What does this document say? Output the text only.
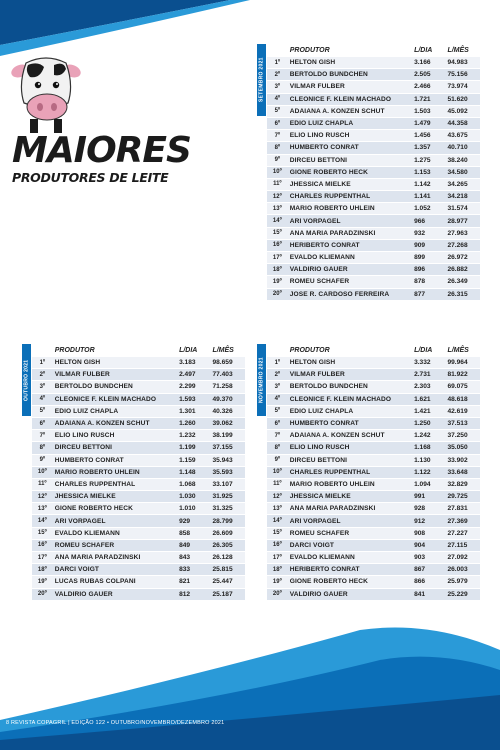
MAIORES
PRODUTORES DE LEITE
SETEMBRO 2021
	PRODUTOR	L/DIA	L/MÊS
1º	HELTON GISH	3.166	94.983
2º	BERTOLDO BUNDCHEN	2.505	75.156
3º	VILMAR FULBER	2.466	73.974
4º	CLEONICE F. KLEIN MACHADO	1.721	51.620
5º	ADAIANA A. KONZEN SCHUT	1.503	45.092
6º	EDIO LUIZ CHAPLA	1.479	44.358
7º	ELIO LINO RUSCH	1.456	43.675
8º	HUMBERTO CONRAT	1.357	40.710
9º	DIRCEU BETTONI	1.275	38.240
10º	GIONE ROBERTO HECK	1.153	34.580
11º	JHESSICA MIELKE	1.142	34.265
12º	CHARLES RUPPENTHAL	1.141	34.218
13º	MARIO ROBERTO UHLEIN	1.052	31.574
14º	ARI VORPAGEL	966	28.977
15º	ANA MARIA PARADZINSKI	932	27.963
16º	HERIBERTO CONRAT	909	27.268
17º	EVALDO KLIEMANN	899	26.972
18º	VALDIRIO GAUER	896	26.882
19º	ROMEU SCHAFER	878	26.349
20º	JOSE R. CARDOSO FERREIRA	877	26.315
OUTUBRO 2021
	PRODUTOR	L/DIA	L/MÊS
1º	HELTON GISH	3.183	98.659
2º	VILMAR FULBER	2.497	77.403
3º	BERTOLDO BUNDCHEN	2.299	71.258
4º	CLEONICE F. KLEIN MACHADO	1.593	49.370
5º	EDIO LUIZ CHAPLA	1.301	40.326
6º	ADAIANA A. KONZEN SCHUT	1.260	39.062
7º	ELIO LINO RUSCH	1.232	38.199
8º	DIRCEU BETTONI	1.199	37.155
9º	HUMBERTO CONRAT	1.159	35.943
10º	MARIO ROBERTO UHLEIN	1.148	35.593
11º	CHARLES RUPPENTHAL	1.068	33.107
12º	JHESSICA MIELKE	1.030	31.925
13º	GIONE ROBERTO HECK	1.010	31.325
14º	ARI VORPAGEL	929	28.799
15º	EVALDO KLIEMANN	858	26.609
16º	ROMEU SCHAFER	849	26.305
17º	ANA MARIA PARADZINSKI	843	26.128
18º	DARCI VOIGT	833	25.815
19º	LUCAS RUBAS COLPANI	821	25.447
20º	VALDIRIO GAUER	812	25.187
NOVEMBRO 2021
	PRODUTOR	L/DIA	L/MÊS
1º	HELTON GISH	3.332	99.964
2º	VILMAR FULBER	2.731	81.922
3º	BERTOLDO BUNDCHEN	2.303	69.075
4º	CLEONICE F. KLEIN MACHADO	1.621	48.618
5º	EDIO LUIZ CHAPLA	1.421	42.619
6º	HUMBERTO CONRAT	1.250	37.513
7º	ADAIANA A. KONZEN SCHUT	1.242	37.250
8º	ELIO LINO RUSCH	1.168	35.050
9º	DIRCEU BETTONI	1.130	33.902
10º	CHARLES RUPPENTHAL	1.122	33.648
11º	MARIO ROBERTO UHLEIN	1.094	32.829
12º	JHESSICA MIELKE	991	29.725
13º	ANA MARIA PARADZINSKI	928	27.831
14º	ARI VORPAGEL	912	27.369
15º	ROMEU SCHAFER	908	27.227
16º	DARCI VOIGT	904	27.115
17º	EVALDO KLIEMANN	903	27.092
18º	HERIBERTO CONRAT	867	26.003
19º	GIONE ROBERTO HECK	866	25.979
20º	VALDIRIO GAUER	841	25.229
8 REVISTA COPAGRIL | EDIÇÃO 122 • OUTUBRO/NOVEMBRO/DEZEMBRO 2021
